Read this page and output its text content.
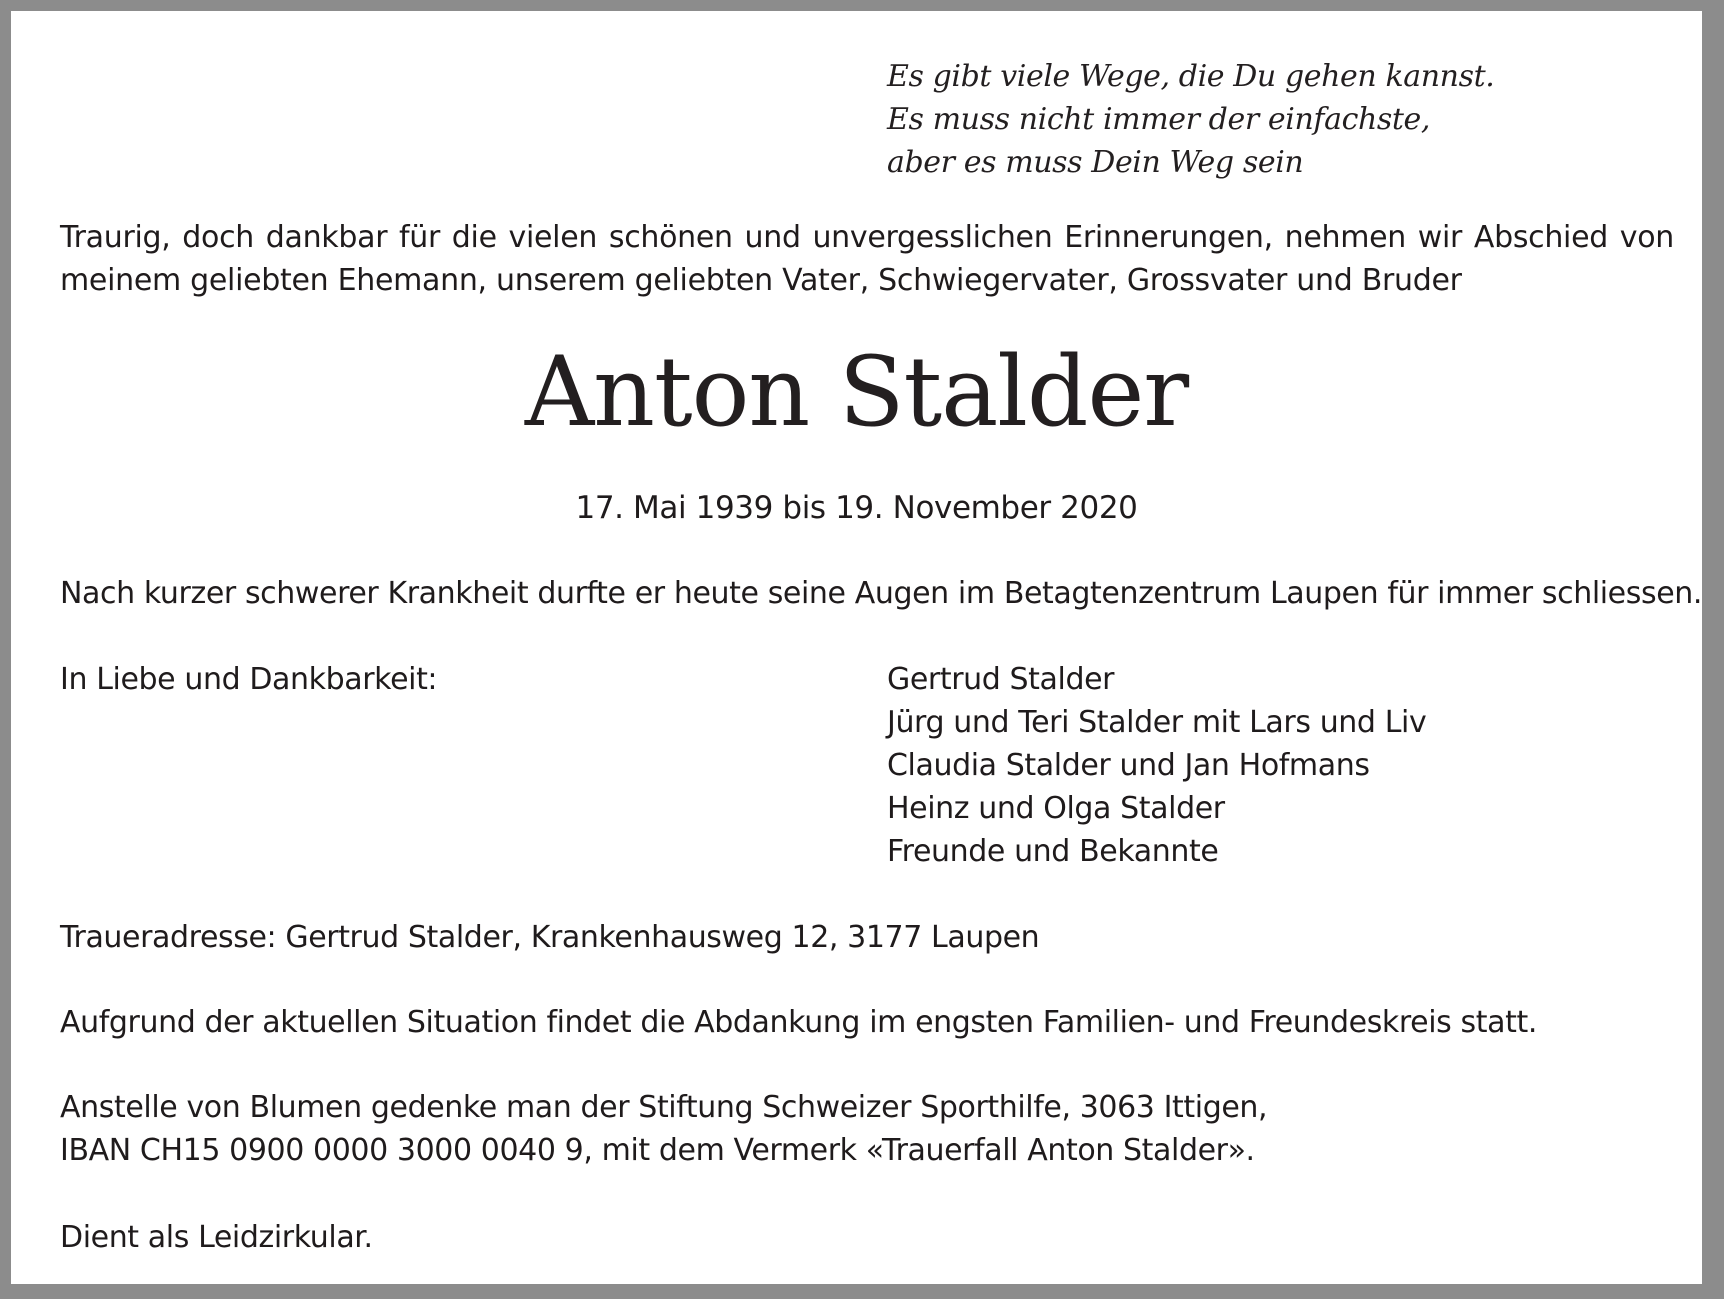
Es gibt viele Wege, die Du gehen kannst.
Es muss nicht immer der einfachste,
aber es muss Dein Weg sein
Traurig, doch dankbar für die vielen schönen und unvergesslichen Erinnerungen, nehmen wir Abschied von meinem geliebten Ehemann, unserem geliebten Vater, Schwiegervater, Grossvater und Bruder
Anton Stalder
17. Mai 1939 bis 19. November 2020
Nach kurzer schwerer Krankheit durfte er heute seine Augen im Betagtenzentrum Laupen für immer schliessen.
In Liebe und Dankbarkeit:	Gertrud Stalder
Jürg und Teri Stalder mit Lars und Liv
Claudia Stalder und Jan Hofmans
Heinz und Olga Stalder
Freunde und Bekannte
Traueradresse: Gertrud Stalder, Krankenhausweg 12, 3177 Laupen
Aufgrund der aktuellen Situation findet die Abdankung im engsten Familien- und Freundeskreis statt.
Anstelle von Blumen gedenke man der Stiftung Schweizer Sporthilfe, 3063 Ittigen,
IBAN CH15 0900 0000 3000 0040 9, mit dem Vermerk «Trauerfall Anton Stalder».
Dient als Leidzirkular.
